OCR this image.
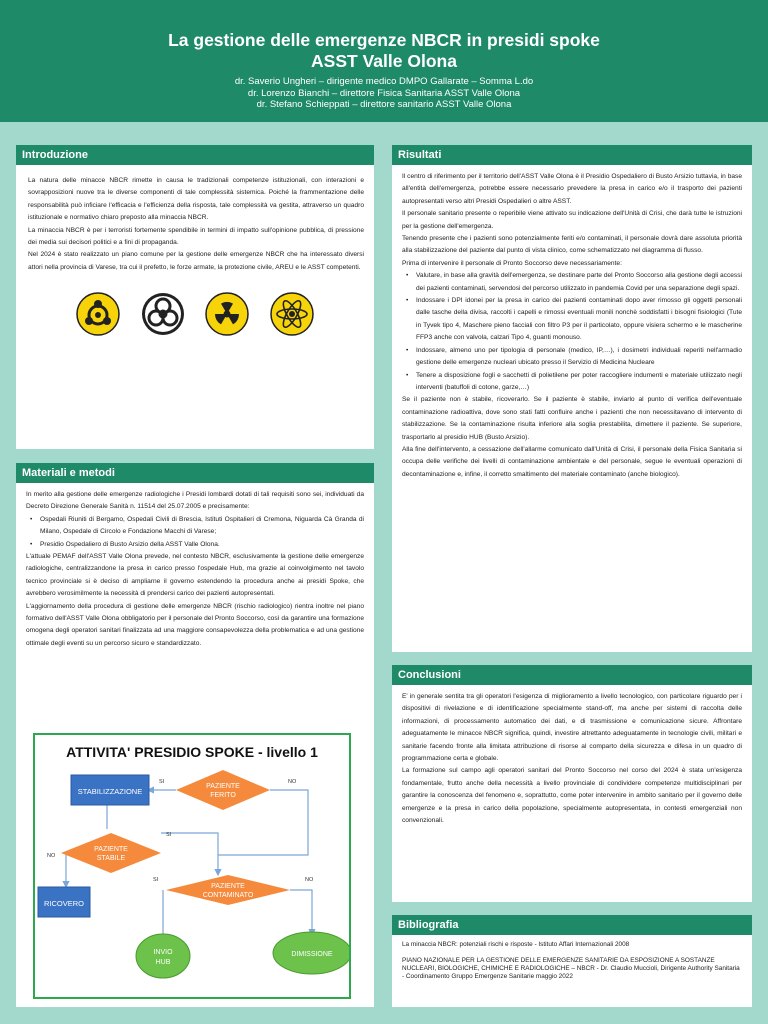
La gestione delle emergenze NBCR in presidi spoke
ASST Valle Olona
dr. Saverio Ungheri – dirigente medico DMPO Gallarate – Somma L.do
dr. Lorenzo Bianchi – direttore Fisica Sanitaria ASST Valle Olona
dr. Stefano Schieppati – direttore sanitario ASST Valle Olona
Introduzione

La natura delle minacce NBCR rimette in causa le tradizionali competenze istituzionali, con interazioni e sovrapposizioni nuove tra le diverse componenti di tale complessità sistemica. Poiché la frammentazione delle responsabilità può inficiare l'efficacia e l'efficienza della risposta, tale complessità va gestita, attraverso un quadro istituzionale e normativo chiaro preposto alla minaccia NBCR.

La minaccia NBCR è per i terroristi fortemente spendibile in termini di impatto sull'opinione pubblica, di pressione dei media sui decisori politici e a fini di propaganda.

Nel 2024 è stato realizzato un piano comune per la gestione delle emergenze NBCR che ha interessato diversi attori nella provincia di Varese, tra cui il prefetto, le forze armate, la protezione civile, AREU e le ASST competenti.

Materiali e metodi

In merito alla gestione delle emergenze radiologiche i Presidi lombardi dotati di tali requisiti sono sei, individuati da Decreto Direzione Generale Sanità n. 11514 del 25.07.2005 e precisamente:

• Ospedali Riuniti di Bergamo, Ospedali Civili di Brescia, Istituti Ospitalieri di Cremona, Niguarda Cà Granda di Milano, Ospedale di Circolo e Fondazione Macchi di Varese;
• Presidio Ospedaliero di Busto Arsizio della ASST Valle Olona.

L'attuale PEMAF dell'ASST Valle Olona prevede, nel contesto NBCR, esclusivamente la gestione delle emergenze radiologiche, centralizzandone la presa in carico presso l'ospedale Hub, ma grazie al coinvolgimento nel tavolo tecnico provinciale si è deciso di ampliarne il governo estendendo la procedura anche ai presidi Spoke, che avrebbero verosimilmente la necessità di prendersi carico dei pazienti autopresentati.

L'aggiornamento della procedura di gestione delle emergenze NBCR (rischio radiologico) rientra inoltre nel piano formativo dell'ASST Valle Olona obbligatorio per il personale del Pronto Soccorso, così da garantire una formazione omogena degli operatori sanitari finalizzata ad una maggiore consapevolezza della problematica e ad una gestione ottimale degli eventi su un percorso sicuro e standardizzato.

ATTIVITA' PRESIDIO SPOKE - livello 1
STABILIZZAZIONE
PAZIENTE
FERITO
PAZIENTE
STABILE
RICOVERO
PAZIENTE
CONTAMINATO
INVIO
HUB
DIMISSIONE
SI	NO
SI
NO
SI	NO
Risultati

Il centro di riferimento per il territorio dell'ASST Valle Olona è il Presidio Ospedaliero di Busto Arsizio tuttavia, in base all'entità dell'emergenza, potrebbe essere necessario prevedere la presa in carico e/o il trasporto dei pazienti autopresentati verso altri Presidi Ospedalieri o altre ASST.

Il personale sanitario presente o reperibile viene attivato su indicazione dell'Unità di Crisi, che darà tutte le istruzioni per la gestione dell'emergenza.

Tenendo presente che i pazienti sono potenzialmente feriti e/o contaminati, il personale dovrà dare assoluta priorità alla stabilizzazione del paziente dal punto di vista clinico, come schematizzato nel diagramma di flusso.

Prima di intervenire il personale di Pronto Soccorso deve necessariamente:

• Valutare, in base alla gravità dell'emergenza, se destinare parte del Pronto Soccorso alla gestione degli accessi dei pazienti contaminati, servendosi del percorso utilizzato in pandemia Covid per una separazione degli spazi.
• Indossare i DPI idonei per la presa in carico dei pazienti contaminati dopo aver rimosso gli oggetti personali dalle tasche della divisa, raccolti i capelli e rimossi eventuali monili nonchè soddisfatti i bisogni fisiologici (Tute in Tyvek tipo 4, Maschere pieno facciali con filtro P3 per il particolato, oppure visiera schermo e le mascherine FFP3 anche con valvola, calzari Tipo 4, guanti monouso.
• Indossare, almeno uno per tipologia di personale (medico, IP,…), i dosimetri individuali reperiti nell'armadio gestione delle emergenze nucleari ubicato presso il Servizio di Medicina Nucleare
• Tenere a disposizione fogli e sacchetti di polietilene per poter raccogliere indumenti e materiale utilizzato negli interventi (batuffoli di cotone, garze,…)

Se il paziente non è stabile, ricoverarlo. Se il paziente è stabile, inviarlo al punto di verifica dell'eventuale contaminazione radioattiva, dove sono stati fatti confluire anche i pazienti che non necessitavano di intervento di stabilizzazione. Se la contaminazione risulta inferiore alla soglia prestabilita, dimettere il paziente. Se superiore, trasportarlo al presidio HUB (Busto Arsizio).

Alla fine dell'intervento, a cessazione dell'allarme comunicato dall'Unità di Crisi, il personale della Fisica Sanitaria si occupa delle verifiche dei livelli di contaminazione ambientale e del personale, segue le eventuali operazioni di decontaminazione e, infine, il corretto smaltimento del materiale contaminato (anche biologico).

Conclusioni

E' in generale sentita tra gli operatori l'esigenza di miglioramento a livello tecnologico, con particolare riguardo per i dispositivi di rivelazione e di identificazione specialmente stand-off, ma anche per sistemi di raccolta delle informazioni, di processamento automatico dei dati, e di trasmissione e comunicazione sicure. Affrontare adeguatamente le minacce NBCR significa, quindi, investire altrettanto adeguatamente in tecnologie civili, militari e sanitarie facendo fronte alla limitata attribuzione di risorse al comparto della sicurezza e difesa in un quadro di programmazione certa e globale.

La formazione sul campo agli operatori sanitari del Pronto Soccorso nel corso del 2024 è stata un'esigenza fondamentale, frutto anche della necessità a livello provinciale di condividere competenze multidisciplinari per garantire la conoscenza del fenomeno e, soprattutto, come poter intervenire in ambito sanitario per il governo delle emergenze e la presa in carico della popolazione, specialmente autopresentata, in contesti emergenziali non convenzionali.

Bibliografia

La minaccia NBCR: potenziali rischi e risposte - Istituto Affari Internazionali 2008

PIANO NAZIONALE PER LA GESTIONE DELLE EMERGENZE SANITARIE DA ESPOSIZIONE A SOSTANZE NUCLEARI, BIOLOGICHE, CHIMICHE E RADIOLOGICHE – NBCR - Dr. Claudio Muccioli, Dirigente Authority Sanitaria - Coordinamento Gruppo Emergenze Sanitarie maggio 2022
